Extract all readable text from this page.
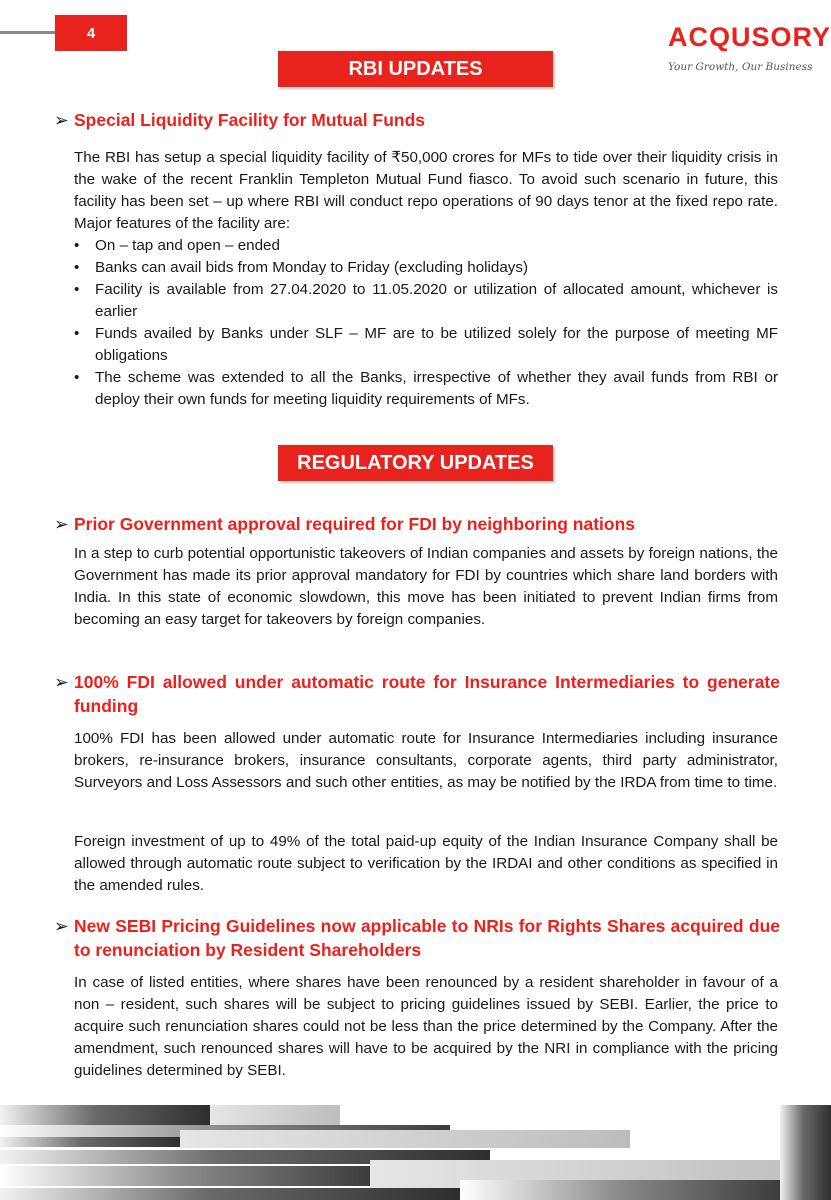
4	ACQU SORY
Your Growth, Our Business
RBI UPDATES
➢ Special Liquidity Facility for Mutual Funds

The RBI has setup a special liquidity facility of ₹50,000 crores for MFs to tide over their liquidity crisis in the wake of the recent Franklin Templeton Mutual Fund fiasco. To avoid such scenario in future, this facility has been set – up where RBI will conduct repo operations of 90 days tenor at the fixed repo rate. Major features of the facility are:

• On – tap and open – ended
• Banks can avail bids from Monday to Friday (excluding holidays)
• Facility is available from 27.04.2020 to 11.05.2020 or utilization of allocated amount, whichever is earlier
• Funds availed by Banks under SLF – MF are to be utilized solely for the purpose of meeting MF obligations
• The scheme was extended to all the Banks, irrespective of whether they avail funds from RBI or deploy their own funds for meeting liquidity requirements of MFs.
REGULATORY UPDATES
➢ Prior Government approval required for FDI by neighboring nations

In a step to curb potential opportunistic takeovers of Indian companies and assets by foreign nations, the Government has made its prior approval mandatory for FDI by countries which share land borders with India. In this state of economic slowdown, this move has been initiated to prevent Indian firms from becoming an easy target for takeovers by foreign companies.

➢ 100% FDI allowed under automatic route for Insurance Intermediaries to generate funding

100% FDI has been allowed under automatic route for Insurance Intermediaries including insurance brokers, re-insurance brokers, insurance consultants, corporate agents, third party administrator, Surveyors and Loss Assessors and such other entities, as may be notified by the IRDA from time to time.

Foreign investment of up to 49% of the total paid-up equity of the Indian Insurance Company shall be allowed through automatic route subject to verification by the IRDAI and other conditions as specified in the amended rules.

➢ New SEBI Pricing Guidelines now applicable to NRIs for Rights Shares acquired due to renunciation by Resident Shareholders

In case of listed entities, where shares have been renounced by a resident shareholder in favour of a non – resident, such shares will be subject to pricing guidelines issued by SEBI. Earlier, the price to acquire such renunciation shares could not be less than the price determined by the Company. After the amendment, such renounced shares will have to be acquired by the NRI in compliance with the pricing guidelines determined by SEBI.
